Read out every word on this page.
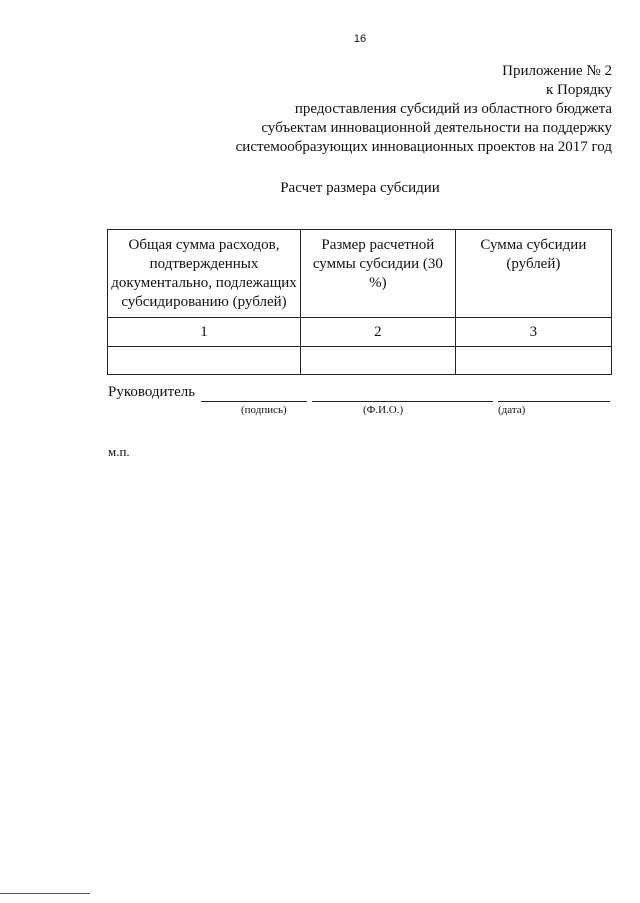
16
Приложение № 2
к Порядку
предоставления субсидий из областного бюджета
субъектам инновационной деятельности на поддержку
системообразующих инновационных проектов на 2017 год
Расчет размера субсидии
Общая сумма расходов, подтвержденных документально, подлежащих субсидированию (рублей)	Размер расчетной суммы субсидии (30 %)	Сумма субсидии (рублей)
1	2	3

Руководитель
(подпись)	(Ф.И.О.)	(дата)
м.п.
